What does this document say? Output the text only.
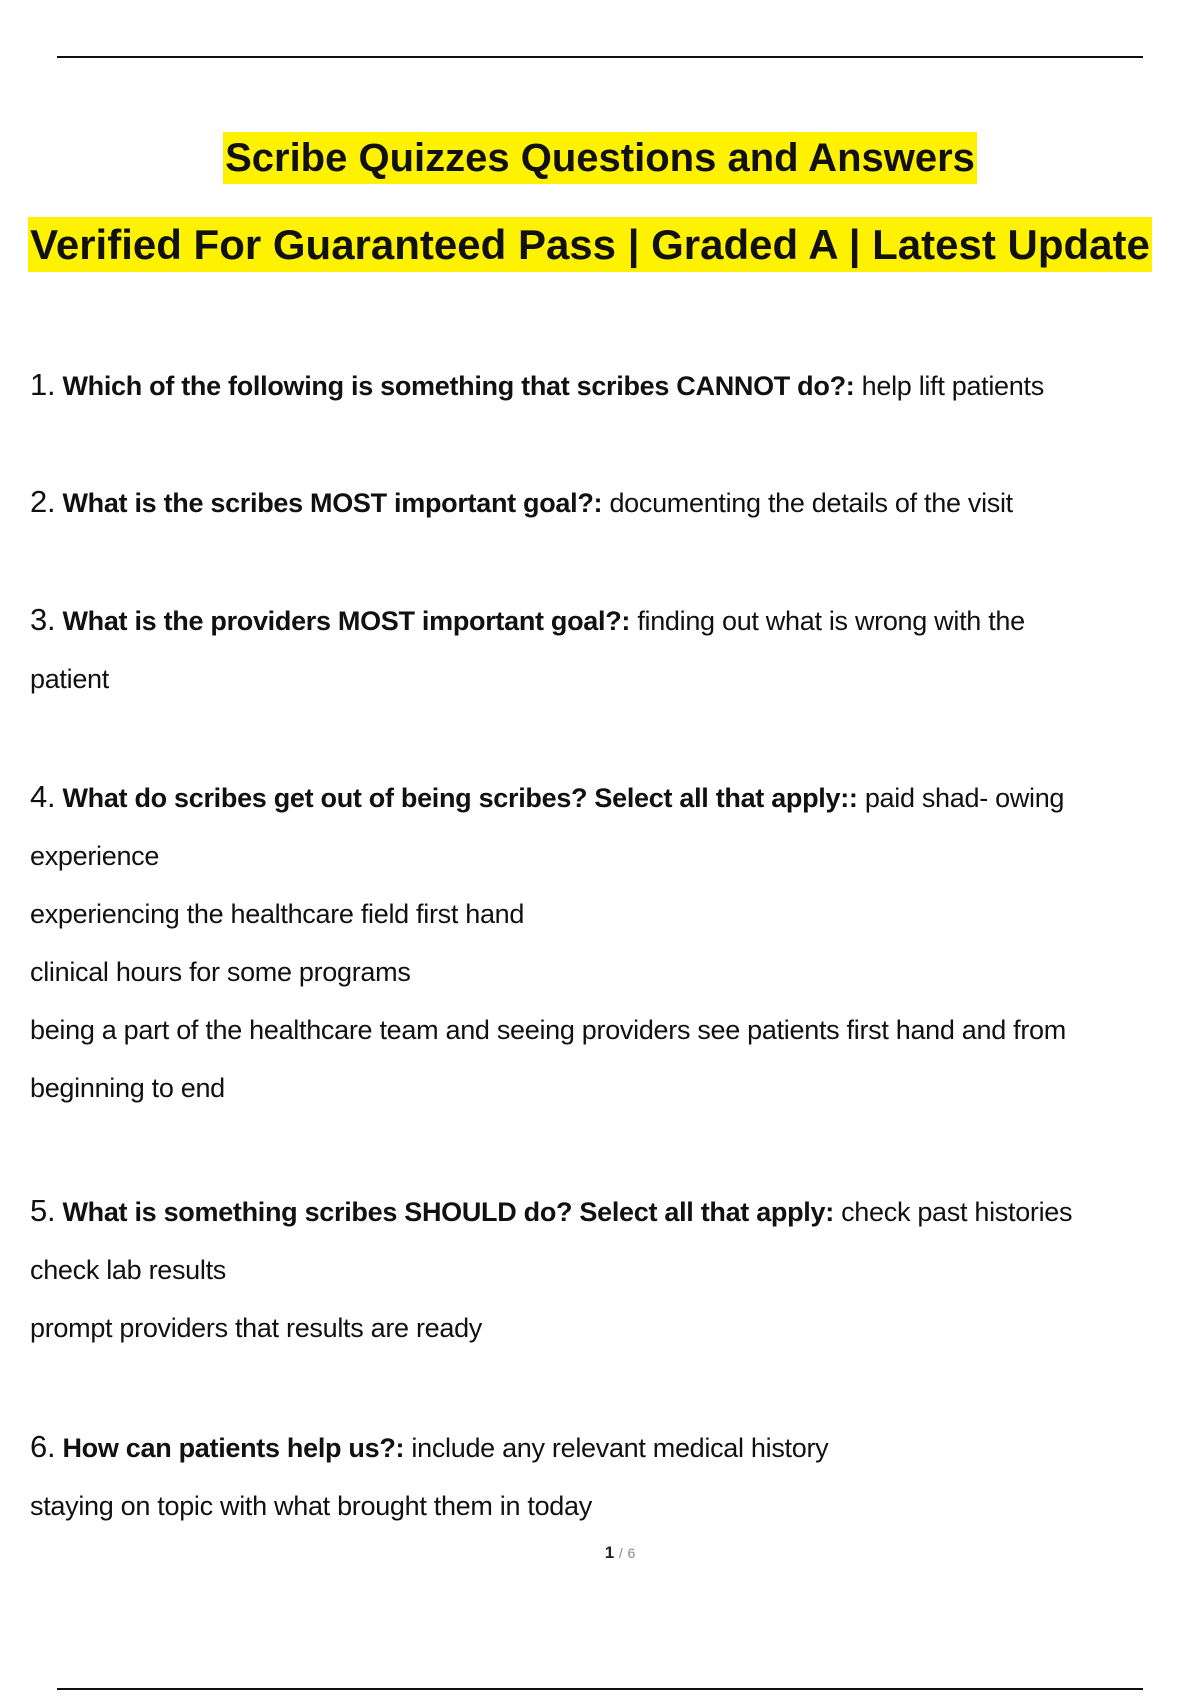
Scribe Quizzes Questions and Answers
Verified For Guaranteed Pass | Graded A | Latest Update
1. Which of the following is something that scribes CANNOT do?: help lift patients
2. What is the scribes MOST important goal?: documenting the details of the visit
3. What is the providers MOST important goal?: finding out what is wrong with the
patient
4. What do scribes get out of being scribes? Select all that apply:: paid shad- owing
experience
experiencing the healthcare field first hand
clinical hours for some programs
being a part of the healthcare team and seeing providers see patients first hand and from
beginning to end
5. What is something scribes SHOULD do? Select all that apply: check past histories
check lab results
prompt providers that results are ready
6. How can patients help us?: include any relevant medical history
staying on topic with what brought them in today
1 / 6
